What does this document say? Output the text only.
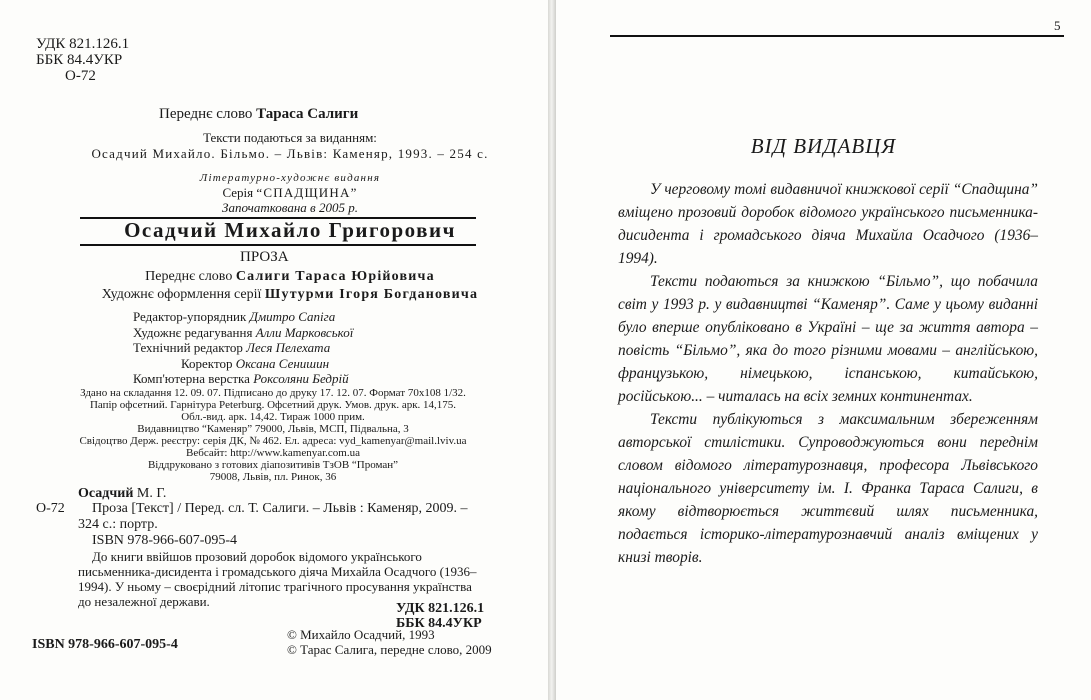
УДК 821.126.1
ББК 84.4УКР
О-72
Переднє слово Тараса Салиги
Тексти подаються за виданням:
Осадчий Михайло. Більмо. – Львів: Каменяр, 1993. – 254 с.
Літературно-художнє видання
Серія “СПАДЩИНА”
Започаткована в 2005 р.
Осадчий Михайло Григорович
ПРОЗА
Переднє слово Салиги Тараса Юрійовича
Художнє оформлення серії Шутурми Ігоря Богдановича
Редактор-упорядник Дмитро Сапіга
Художнє редагування Алли Марковської
Технічний редактор Леся Пелехата
Коректор Оксана Сенишин
Комп'ютерна верстка Роксоляни Бедрій
Здано на складання 12. 09. 07. Підписано до друку 17. 12. 07. Формат 70х108 1/32.
Папір офсетний. Гарнітура Peterburg. Офсетний друк. Умов. друк. арк. 14,175.
Обл.-вид. арк. 14,42. Тираж 1000 прим.
Видавництво “Каменяр” 79000, Львів, МСП, Підвальна, 3
Свідоцтво Держ. реєстру: серія ДК, № 462. Ел. адреса: vyd_kamenyar@mail.lviv.ua
Вебсайт: http://www.kamenyar.com.ua
Віддруковано з готових діапозитивів ТзОВ “Проман”
79008, Львів, пл. Ринок, 36
Осадчий М. Г.
О-72 Проза [Текст] / Перед. сл. Т. Салиги. – Львів : Каменяр, 2009. –
324 с.: портр.
ISBN 978-966-607-095-4
До книги ввійшов прозовий доробок відомого українського
письменника-дисидента і громадського діяча Михайла Осадчого (1936–
1994). У ньому – своєрідний літопис трагічного просування українства
до незалежної держави.	УДК 821.126.1
ББК 84.4УКР
ISBN 978-966-607-095-4
© Михайло Осадчий, 1993
© Тарас Салига, передне слово, 2009
5
ВІД ВИДАВЦЯ

У черговому томі видавничої книжкової серії “Спадщина” вміщено прозовий доробок відомого українського письменника-дисидента і громадського діяча Михайла Осадчого (1936–1994).

Тексти подаються за книжкою “Більмо”, що побачила світ у 1993 р. у видавництві “Каменяр”. Саме у цьому виданні було вперше опубліковано в Україні – ще за життя автора – повість “Більмо”, яка до того різними мовами – англійською, французькою, німецькою, іспанською, китайською, російською... – читалась на всіх земних континентах.

Тексти публікуються з максимальним збереженням авторської стилістики. Супроводжуються вони переднім словом відомого літературознавця, професора Львівського національного університету ім. І. Франка Тараса Салиги, в якому відтворюється життєвий шлях письменника, подається історико-літературознавчий аналіз вміщених у книзі творів.
